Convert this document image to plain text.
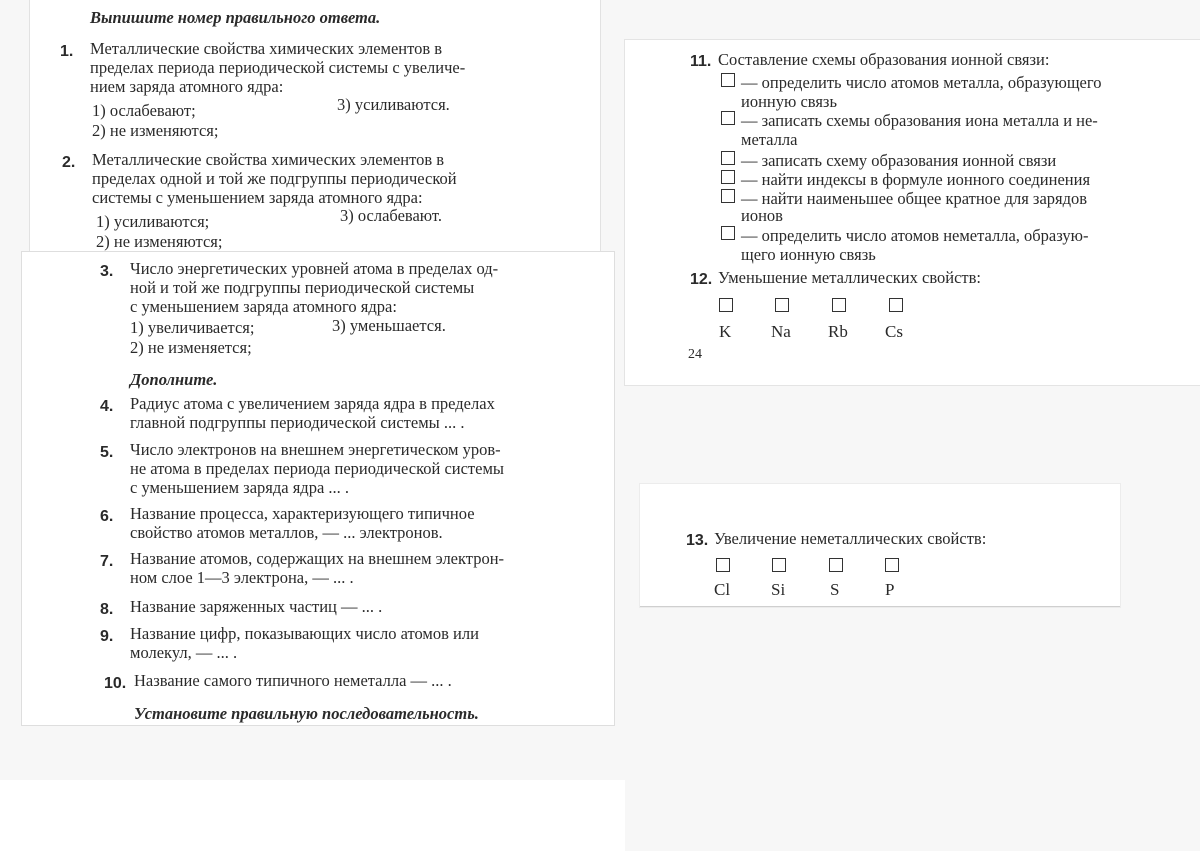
Выпишите номер правильного ответа.
1. Металлические свойства химических элементов в
пределах периода периодической системы с увеличе-
нием заряда атомного ядра:
1) ослабевают;	3) усиливаются.
2) не изменяются;
2. Металлические свойства химических элементов в
пределах одной и той же подгруппы периодической
системы с уменьшением заряда атомного ядра:
1) усиливаются;	3) ослабевают.
2) не изменяются;
3. Число энергетических уровней атома в пределах од-
ной и той же подгруппы периодической системы
с уменьшением заряда атомного ядра:
1) увеличивается;	3) уменьшается.
2) не изменяется;
Дополните.
4. Радиус атома с увеличением заряда ядра в пределах
главной подгруппы периодической системы ... .
5. Число электронов на внешнем энергетическом уров-
не атома в пределах периода периодической системы
с уменьшением заряда ядра ... .
6. Название процесса, характеризующего типичное
свойство атомов металлов, — ... электронов.
7. Название атомов, содержащих на внешнем электрон-
ном слое 1—3 электрона, — ... .
8. Название заряженных частиц — ... .
9. Название цифр, показывающих число атомов или
молекул, — ... .
10. Название самого типичного неметалла — ... .
Установите правильную последовательность.
11. Составление схемы образования ионной связи:
— определить число атомов металла, образующего
ионную связь
— записать схемы образования иона металла и не-
металла
— записать схему образования ионной связи
— найти индексы в формуле ионного соединения
— найти наименьшее общее кратное для зарядов
ионов
— определить число атомов неметалла, образую-
щего ионную связь
12. Уменьшение металлических свойств:
K Na Rb Cs
24
13. Увеличение неметаллических свойств:
Cl Si	S	P
